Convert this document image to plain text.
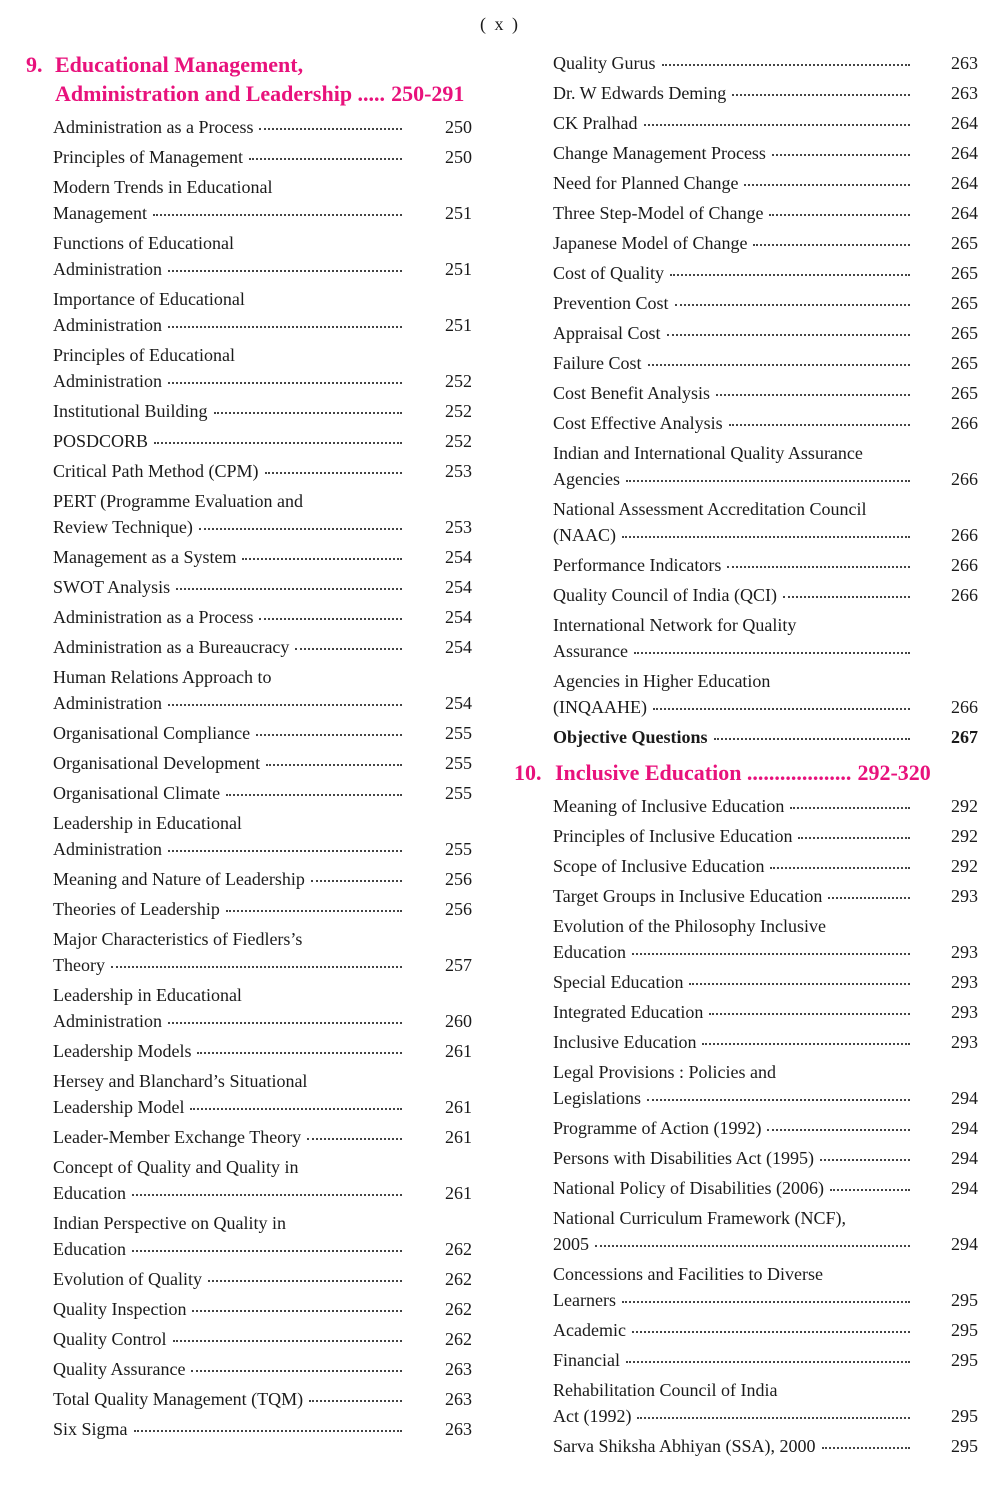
( x )
9. Educational Management,
Administration and Leadership ..... 250-291
Administration as a Process	250
Principles of Management	250
Modern Trends in Educational
Management	251
Functions of Educational
Administration	251
Importance of Educational
Administration	251
Principles of Educational
Administration	252
Institutional Building	252
POSDCORB	252
Critical Path Method (CPM)	253
PERT (Programme Evaluation and
Review Technique)	253
Management as a System	254
SWOT Analysis	254
Administration as a Process	254
Administration as a Bureaucracy	254
Human Relations Approach to
Administration	254
Organisational Compliance	255
Organisational Development	255
Organisational Climate	255
Leadership in Educational
Administration	255
Meaning and Nature of Leadership	256
Theories of Leadership	256
Major Characteristics of Fiedlers’s
Theory	257
Leadership in Educational
Administration	260
Leadership Models	261
Hersey and Blanchard’s Situational
Leadership Model	261
Leader-Member Exchange Theory	261
Concept of Quality and Quality in
Education	261
Indian Perspective on Quality in
Education	262
Evolution of Quality	262
Quality Inspection	262
Quality Control	262
Quality Assurance	263
Total Quality Management (TQM)	263
Six Sigma	263
Quality Gurus	263
Dr. W Edwards Deming	263
CK Pralhad	264
Change Management Process	264
Need for Planned Change	264
Three Step-Model of Change	264
Japanese Model of Change	265
Cost of Quality	265
Prevention Cost	265
Appraisal Cost	265
Failure Cost	265
Cost Benefit Analysis	265
Cost Effective Analysis	266
Indian and International Quality Assurance
Agencies	266
National Assessment Accreditation Council
(NAAC)	266
Performance Indicators	266
Quality Council of India (QCI)	266
International Network for Quality
Assurance
Agencies in Higher Education
(INQAAHE)	266
Objective Questions	267
10. Inclusive Education ................... 292-320
Meaning of Inclusive Education	292
Principles of Inclusive Education	292
Scope of Inclusive Education	292
Target Groups in Inclusive Education	293
Evolution of the Philosophy Inclusive
Education	293
Special Education	293
Integrated Education	293
Inclusive Education	293
Legal Provisions : Policies and
Legislations	294
Programme of Action (1992)	294
Persons with Disabilities Act (1995)	294
National Policy of Disabilities (2006)	294
National Curriculum Framework (NCF),
2005	294
Concessions and Facilities to Diverse
Learners	295
Academic	295
Financial	295
Rehabilitation Council of India
Act (1992)	295
Sarva Shiksha Abhiyan (SSA), 2000	295
